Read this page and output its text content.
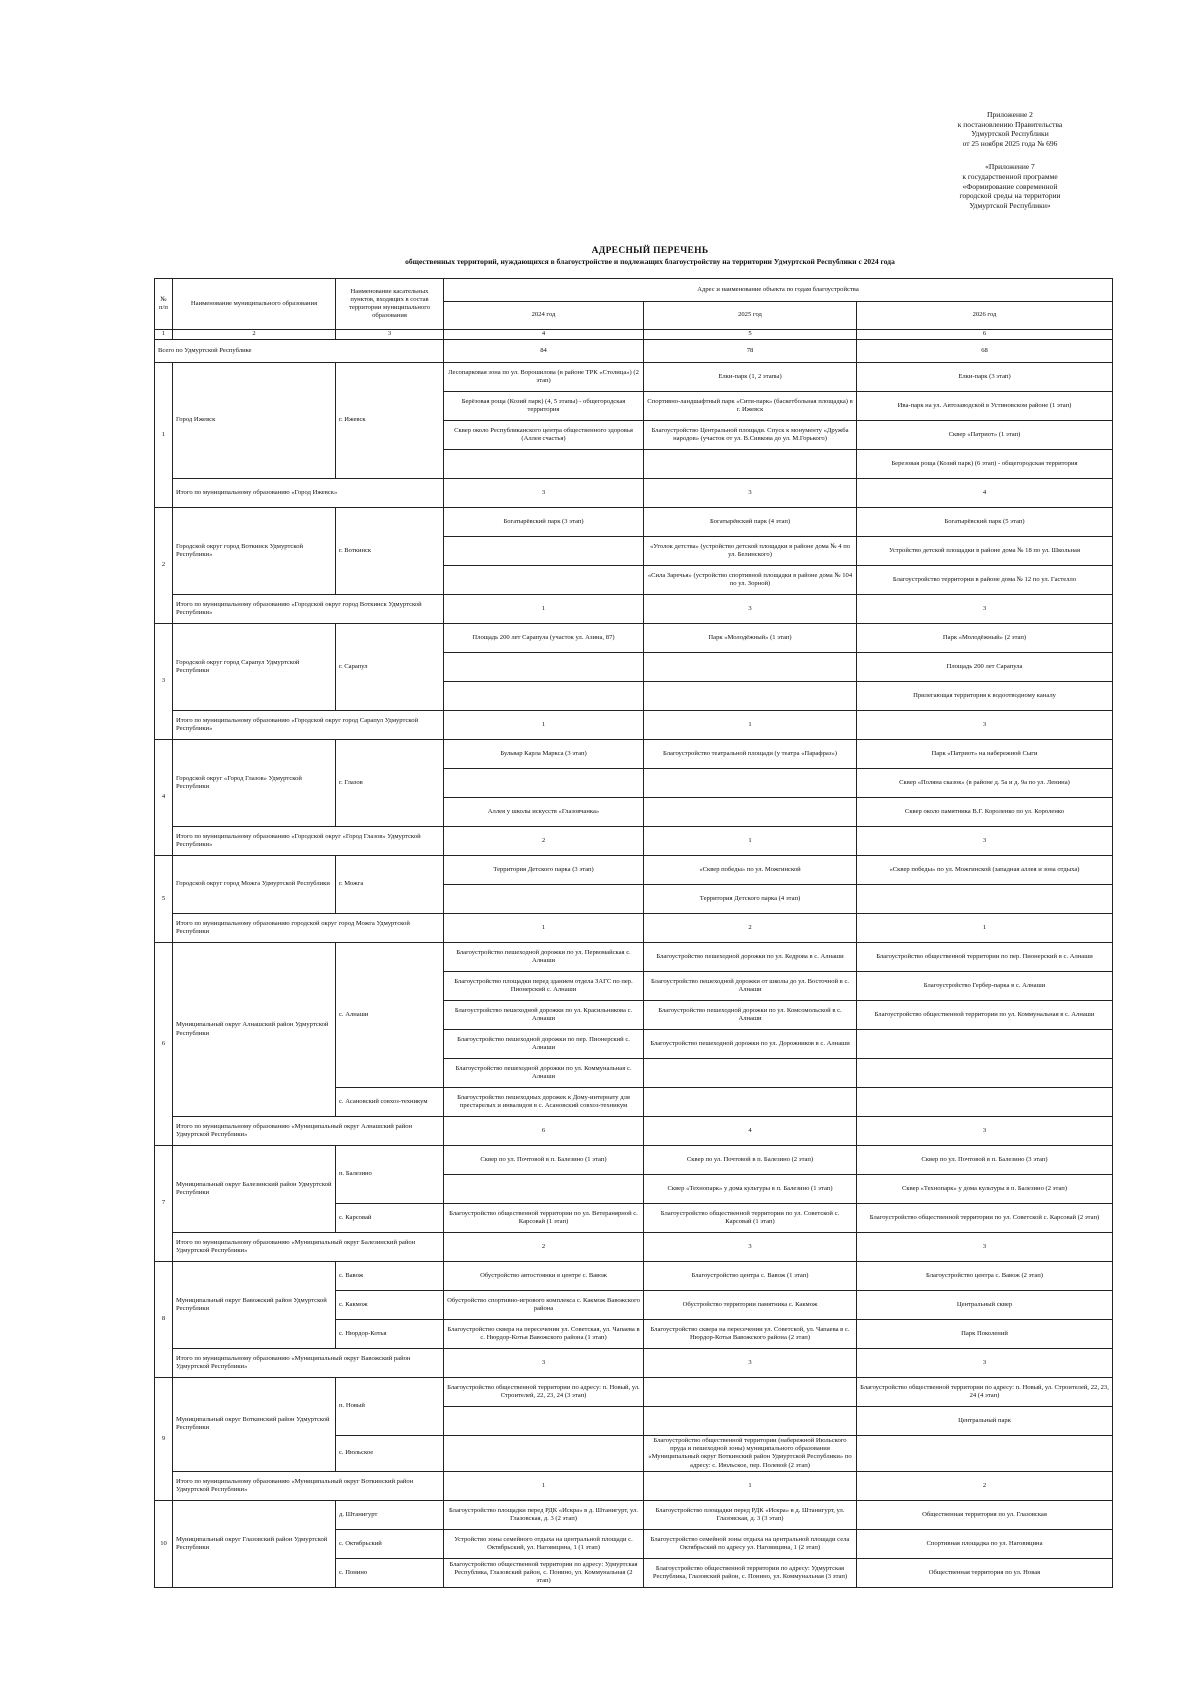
Приложение 2
к постановлению Правительства
Удмуртской Республики
от 25 ноября 2025 года № 696
«Приложение 7
к государственной программе
«Формирование современной
городской среды на территории
Удмуртской Республики»
АДРЕСНЫЙ ПЕРЕЧЕНЬ
общественных территорий, нуждающихся в благоустройстве и подлежащих благоустройству на территории Удмуртской Республики с 2024 года
№ п/п	Наименование муниципального образования	Наименование касательных пунктов, входящих в состав территории муниципального образования	Адрес и наименование объекта по годам благоустройства		
			2024 год	2025 год	2026 год
1	2	3	4	5	6
Всего по Удмуртской Республике			84	78	68
1	Город Ижевск	г. Ижевск	Лесопарковая зона по ул. Ворошилова (в районе ТРК «Столица») (2 этап)	Елки-парк (1, 2 этапы)	Елки-парк (3 этап)
			Берёзовая роща (Козий парк) (4, 5 этапы) - общегородская территория	Спортивно-ландшафтный парк «Сити-парк» (баскетбольная площадка) в г. Ижевск	Ива-парк на ул. Автозаводской в Устиновском районе (1 этап)
			Сквер около Республиканского центра общественного здоровья (Аллея счастья)	Благоустройство Центральной площади. Спуск к монументу «Дружба народов» (участок от ул. В.Сивкова до ул. М.Горького)	Сквер «Патриот» (1 этап)
					Березовая роща (Козий парк) (6 этап) - общегородская территория
	Итого по муниципальному образованию «Город Ижевск»		3	3	4
2	Городской округ город Воткинск Удмуртской Республики»	г. Воткинск	Богатырёвский парк (3 этап)	Богатырёвский парк (4 этап)	Богатырёвский парк (5 этап)
				«Уголок детства» (устройство детской площадки в районе дома № 4 по ул. Белинского)	Устройство детской площадки в районе дома № 18 по ул. Школьная
				«Сила Заречья» (устройство спортивной площадки в районе дома № 104 по ул. Зорной)	Благоустройство территории в районе дома № 12 по ул. Гастелло
	Итого по муниципальному образованию «Городской округ город Воткинск Удмуртской Республики»		1	3	3
3	Городской округ город Сарапул Удмуртской Республики	г. Сарапул	Площадь 200 лет Сарапула (участок ул. Азина, 87)	Парк «Молодёжный» (1 этап)	Парк «Молодёжный» (2 этап)
					Площадь 200 лет Сарапула
					Прилегающая территория к водоотводному каналу
	Итого по муниципальному образованию «Городской округ город Сарапул Удмуртской Республики»		1	1	3
4	Городской округ «Город Глазов» Удмуртской Республики	г. Глазов	Бульвар Карла Маркса (3 этап)	Благоустройство театральной площади (у театра «Парафраз»)	Парк «Патриот» на набережной Сыги
					Сквер «Поляна сказок» (в районе д. 5а и д. 9а по ул. Ленина)
			Аллея у школы искусств «Глазовчанка»		Сквер около памятника В.Г. Короленко по ул. Короленко
	Итого по муниципальному образованию «Городской округ «Город Глазов» Удмуртской Республики»		2	1	3
5	Городской округ город Можга Удмуртской Республики	г. Можга	Территория Детского парка (3 этап)	«Сквер победы» по ул. Можгинской	«Сквер победы» по ул. Можгинской (западная аллея и зона отдыха)
				Территория Детского парка (4 этап)	
	Итого по муниципальному образованию городской округ город Можга Удмуртской Республики		1	2	1
6	Муниципальный округ Алнашский район Удмуртской Республики	с. Алнаши	Благоустройство пешеходной дорожки по ул. Первомайская с. Алнаши	Благоустройство пешеходной дорожки по ул. Кедрова в с. Алнаши	Благоустройство общественной территории по пер. Пионерский в с. Алнаши
			Благоустройство площадки перед зданием отдела ЗАГС по пер. Пионерский с. Алнаши	Благоустройство пешеходной дорожки от школы до ул. Восточной в с. Алнаши	Благоустройство Гербер-парка в с. Алнаши
			Благоустройство пешеходной дорожки по ул. Красильникова с. Алнаши	Благоустройство пешеходной дорожки по ул. Комсомольской в с. Алнаши	Благоустройство общественной территории по ул. Коммунальная в с. Алнаши
			Благоустройство пешеходной дорожки по пер. Пионерский с. Алнаши	Благоустройство пешеходной дорожки по ул. Дорожников в с. Алнаши	
			Благоустройство пешеходной дорожки по ул. Коммунальная с. Алнаши		
		с. Асановский совхоз-техникум	Благоустройство пешеходных дорожек к Дому-интернату для престарелых и инвалидов в с. Асановский совхоз-техникум		
	Итого по муниципальному образованию «Муниципальный округ Алнашский район Удмуртской Республики»		6	4	3
7	Муниципальный округ Балезинский район Удмуртской Республики	п. Балезино	Сквер по ул. Почтовой в п. Балезино (1 этап)	Сквер по ул. Почтовой в п. Балезино (2 этап)	Сквер по ул. Почтовой в п. Балезино (3 этап)
				Сквер «Технопарк» у дома культуры в п. Балезино (1 этап)	Сквер «Технопарк» у дома культуры в п. Балезино (2 этап)
		с. Карсовай	Благоустройство общественной территории по ул. Ветеранярной с. Карсовай (1 этап)	Благоустройство общественной территории по ул. Советской с. Карсовай (1 этап)	Благоустройство общественной территории по ул. Советской с. Карсовай (2 этап)
	Итого по муниципальному образованию «Муниципальный округ Балезинский район Удмуртской Республики»		2	3	3
8	Муниципальный округ Вавожский район Удмуртской Республики	с. Вавож	Обустройство автостоянки в центре с. Вавож	Благоустройство центра с. Вавож (1 этап)	Благоустройство центра с. Вавож (2 этап)
		с. Какмож	Обустройство спортивно-игрового комплекса с. Какмож Вавожского района	Обустройство территории памятника с. Какмож	Центральный сквер
		с. Нюрдор-Котья	Благоустройство сквера на пересечении ул. Советская, ул. Чапаева в с. Нюрдор-Котья Вавожского района (1 этап)	Благоустройство сквера на пересечении ул. Советской, ул. Чапаева в с. Нюрдор-Котья Вавожского района (2 этап)	Парк Поколений
	Итого по муниципальному образованию «Муниципальный округ Вавожский район Удмуртской Республики»		3	3	3
9	Муниципальный округ Воткинский район Удмуртской Республики	п. Новый	Благоустройство общественной территории по адресу: п. Новый, ул. Строителей, 22, 23, 24 (3 этап)		Благоустройство общественной территории по адресу: п. Новый, ул. Строителей, 22, 23, 24 (4 этап)
					Центральный парк
		с. Июльское		Благоустройство общественной территории (набережной Июльского пруда и пешеходной зоны) муниципального образования «Муниципальный округ Воткинский район Удмуртской Республики» по адресу: с. Июльское, пер. Полевой (2 этап)	
	Итого по муниципальному образованию «Муниципальный округ Воткинский район Удмуртской Республики»		1	1	2
10	Муниципальный округ Глазовский район Удмуртской Республики	д. Штанигурт	Благоустройство площадки перед РДК «Искра» в д. Штанигурт, ул. Глазовская, д. 3 (2 этап)	Благоустройство площадки перед РДК «Искра» в д. Штанигурт, ул. Глазовская, д. 3 (3 этап)	Общественная территория по ул. Глазовская
		с. Октябрьский	Устройство зоны семейного отдыха на центральной площади с. Октябрьский, ул. Наговицина, 1 (1 этап)	Благоустройство семейной зоны отдыха на центральной площади села Октябрьский по адресу ул. Наговицина, 1 (2 этап)	Спортивная площадка по ул. Наговицина
		с. Понино	Благоустройство общественной территории по адресу: Удмуртская Республика, Глазовский район, с. Понино, ул. Коммунальная (2 этап)	Благоустройство общественной территории по адресу: Удмуртская Республика, Глазовский район, с. Понино, ул. Коммунальная (3 этап)	Общественная территория по ул. Новая
